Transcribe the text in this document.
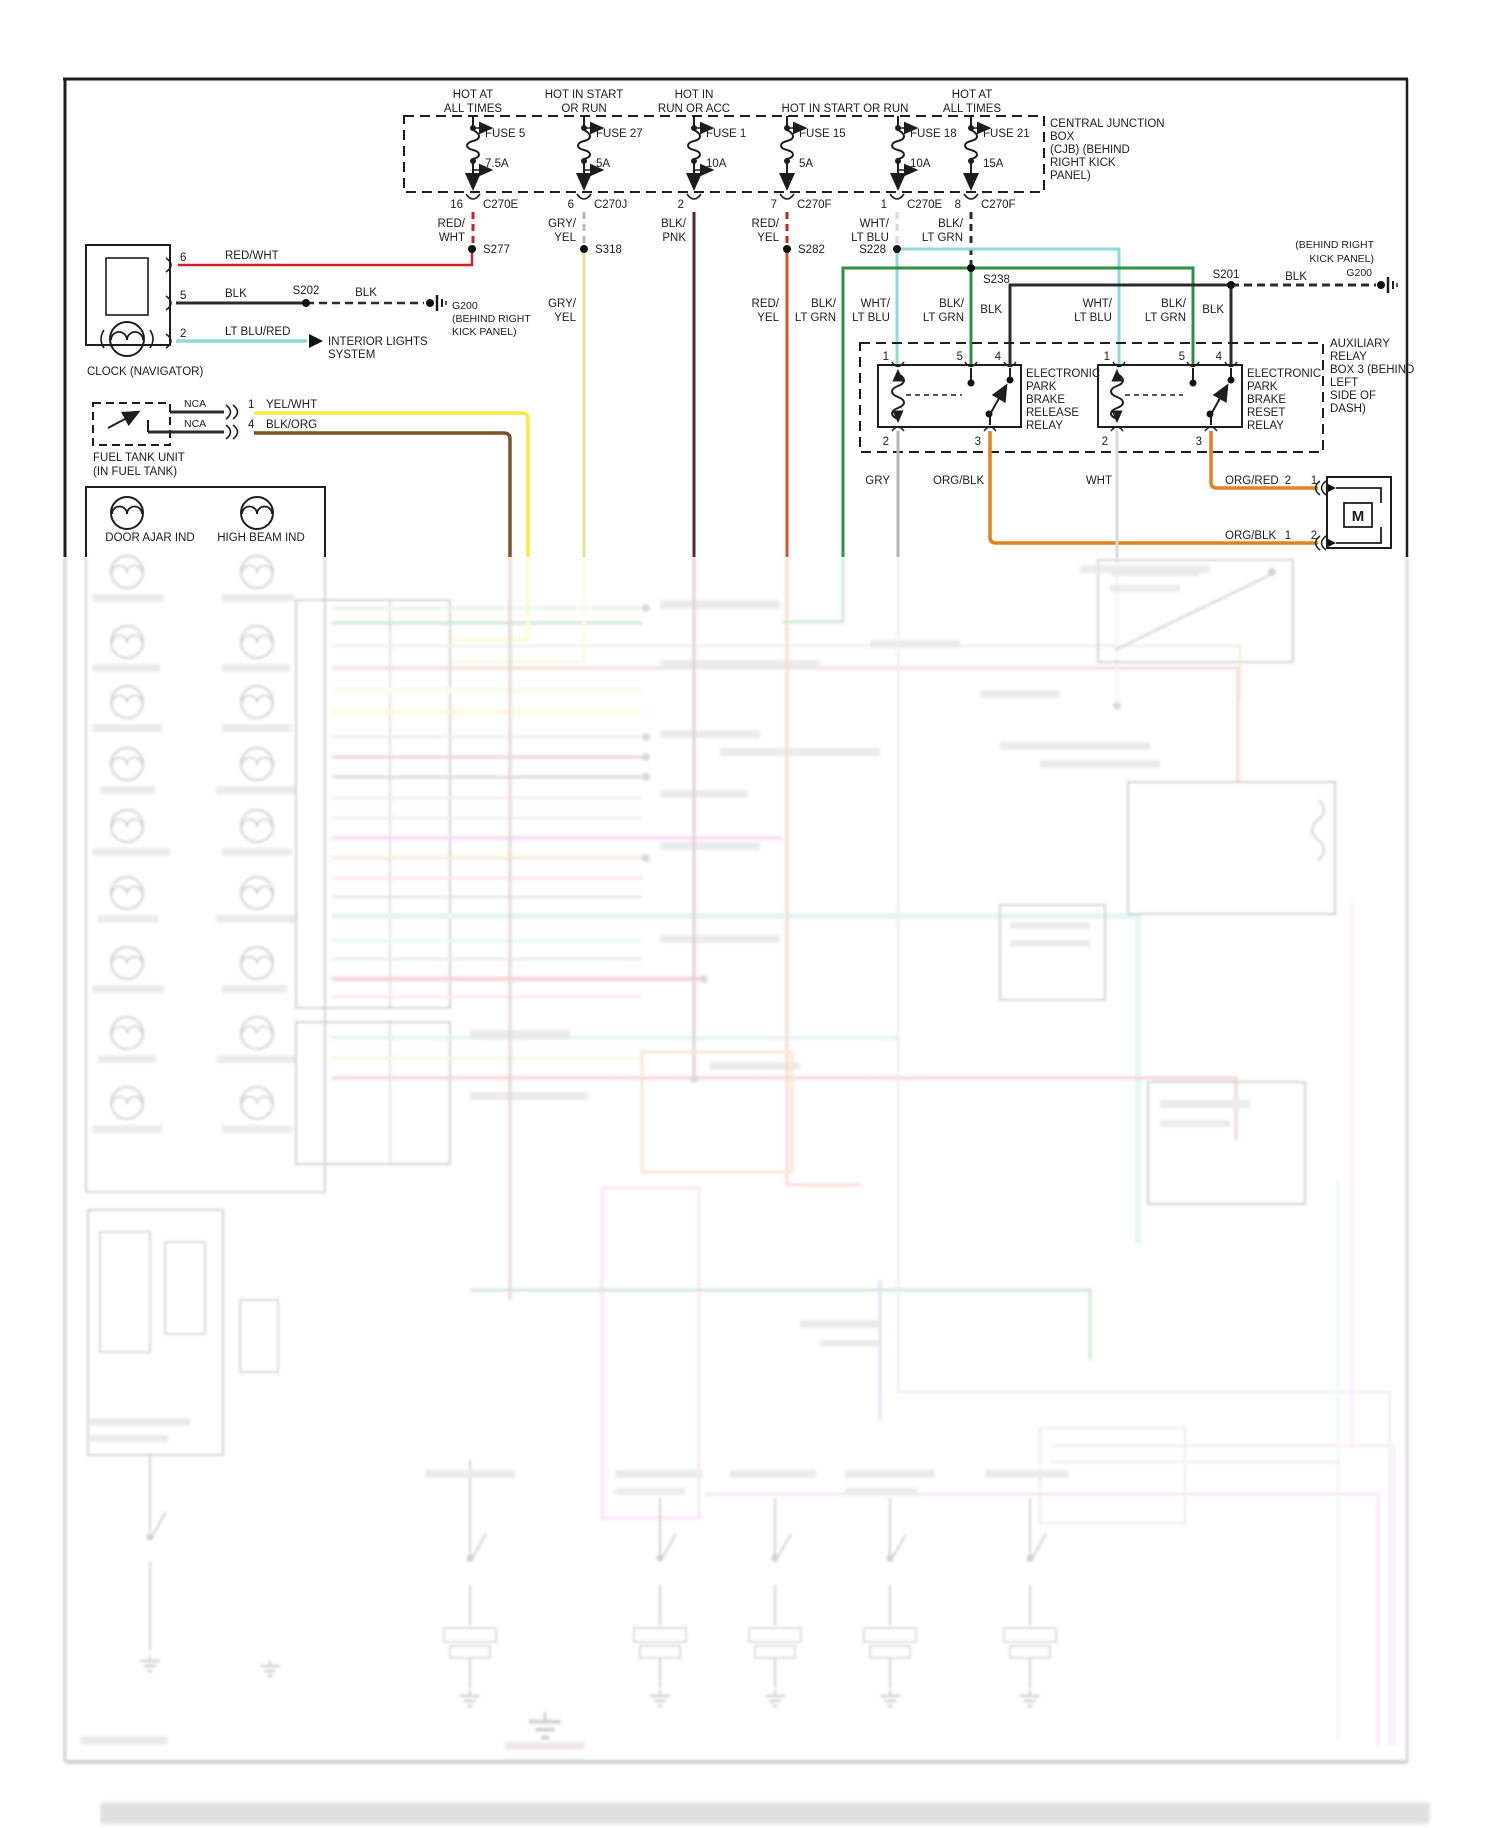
HOT AT
ALL TIMES
HOT IN START
OR RUN
HOT IN
RUN OR ACC	HOT IN START OR RUN
HOT AT
ALL TIMES
CENTRAL JUNCTION
BOX
(CJB) (BEHIND
RIGHT KICK
PANEL)
FUSE 5
7.5A
FUSE 27
5A
FUSE 1
10A
FUSE 15
5A
FUSE 18
10A
FUSE 21
15A
16 C270E	6 C270J	2	7 C270F	1 C270E 8 C270F
RED/
WHT
GRY/
YEL
BLK/
PNK
RED/
YEL
WHT/
LT BLU
BLK/
LT GRN
S277	S318	S282	S228
S238	S201	BLK
(BEHIND RIGHT
KICK PANEL)
G200
GRY/
YEL
RED/
YEL
BLK/
LT GRN
WHT/
LT BLU
BLK/
LT GRN
BLK	WHT/
LT BLU
BLK/
LT GRN
BLK
6
5
2
RED/WHT
BLK
LT BLU/RED
CLOCK (NAVIGATOR)
S202	BLK
G200
(BEHIND RIGHT
KICK PANEL)
INTERIOR LIGHTS
SYSTEM
NCA
NCA
1 YEL/WHT
4 BLK/ORG
FUEL TANK UNIT
(IN FUEL TANK)
DOOR AJAR IND HIGH BEAM IND
1	5	4
2	3
1	5	4
2	3
ELECTRONIC
PARK
BRAKE
RELEASE
RELAY
ELECTRONIC
PARK
BRAKE
RESET
RELAY
AUXILIARY
RELAY
BOX 3 (BEHIND
LEFT
SIDE OF
DASH)
GRY	ORG/BLK	WHT	ORG/RED 2 1
ORG/BLK 1 2
M
